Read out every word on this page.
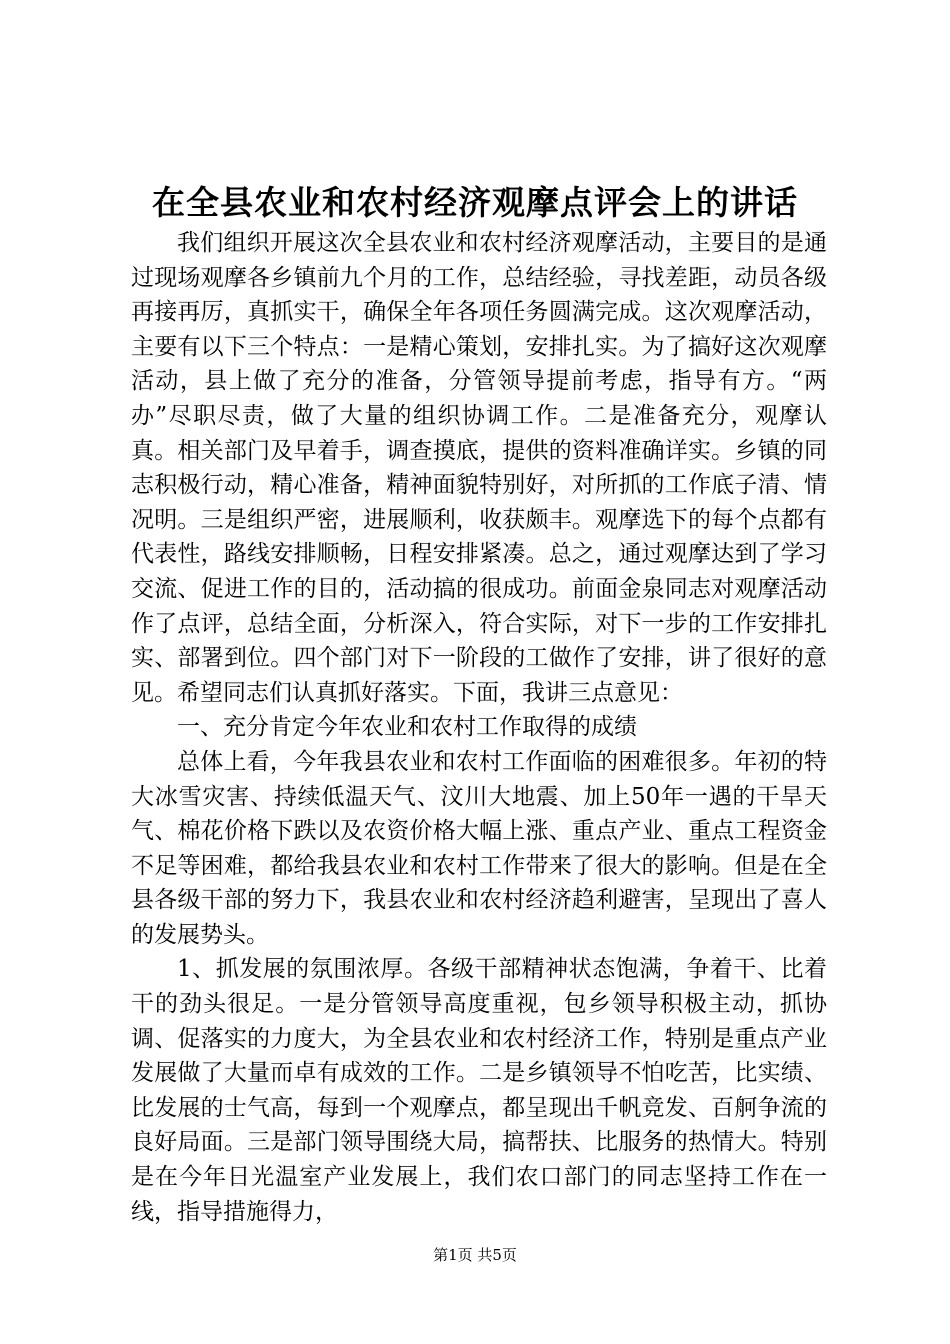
在全县农业和农村经济观摩点评会上的讲话

我们组织开展这次全县农业和农村经济观摩活动，主要目的是通过现场观摩各乡镇前九个月的工作，总结经验，寻找差距，动员各级再接再厉，真抓实干，确保全年各项任务圆满完成。这次观摩活动，主要有以下三个特点：一是精心策划，安排扎实。为了搞好这次观摩活动，县上做了充分的准备，分管领导提前考虑，指导有方。“两办”尽职尽责，做了大量的组织协调工作。二是准备充分，观摩认真。相关部门及早着手，调查摸底，提供的资料准确详实。乡镇的同志积极行动，精心准备，精神面貌特别好，对所抓的工作底子清、情况明。三是组织严密，进展顺利，收获颇丰。观摩选下的每个点都有代表性，路线安排顺畅，日程安排紧凑。总之，通过观摩达到了学习交流、促进工作的目的，活动搞的很成功。前面金泉同志对观摩活动作了点评，总结全面，分析深入，符合实际，对下一步的工作安排扎实、部署到位。四个部门对下一阶段的工做作了安排，讲了很好的意见。希望同志们认真抓好落实。下面，我讲三点意见：

一、充分肯定今年农业和农村工作取得的成绩

总体上看，今年我县农业和农村工作面临的困难很多。年初的特大冰雪灾害、持续低温天气、汶川大地震、加上50年一遇的干旱天气、棉花价格下跌以及农资价格大幅上涨、重点产业、重点工程资金不足等困难，都给我县农业和农村工作带来了很大的影响。但是在全县各级干部的努力下，我县农业和农村经济趋利避害，呈现出了喜人的发展势头。

1、抓发展的氛围浓厚。各级干部精神状态饱满，争着干、比着干的劲头很足。一是分管领导高度重视，包乡领导积极主动，抓协调、促落实的力度大，为全县农业和农村经济工作，特别是重点产业发展做了大量而卓有成效的工作。二是乡镇领导不怕吃苦，比实绩、比发展的士气高，每到一个观摩点，都呈现出千帆竞发、百舸争流的良好局面。三是部门领导围绕大局，搞帮扶、比服务的热情大。特别是在今年日光温室产业发展上，我们农口部门的同志坚持工作在一线，指导措施得力，

第1页 共5页
